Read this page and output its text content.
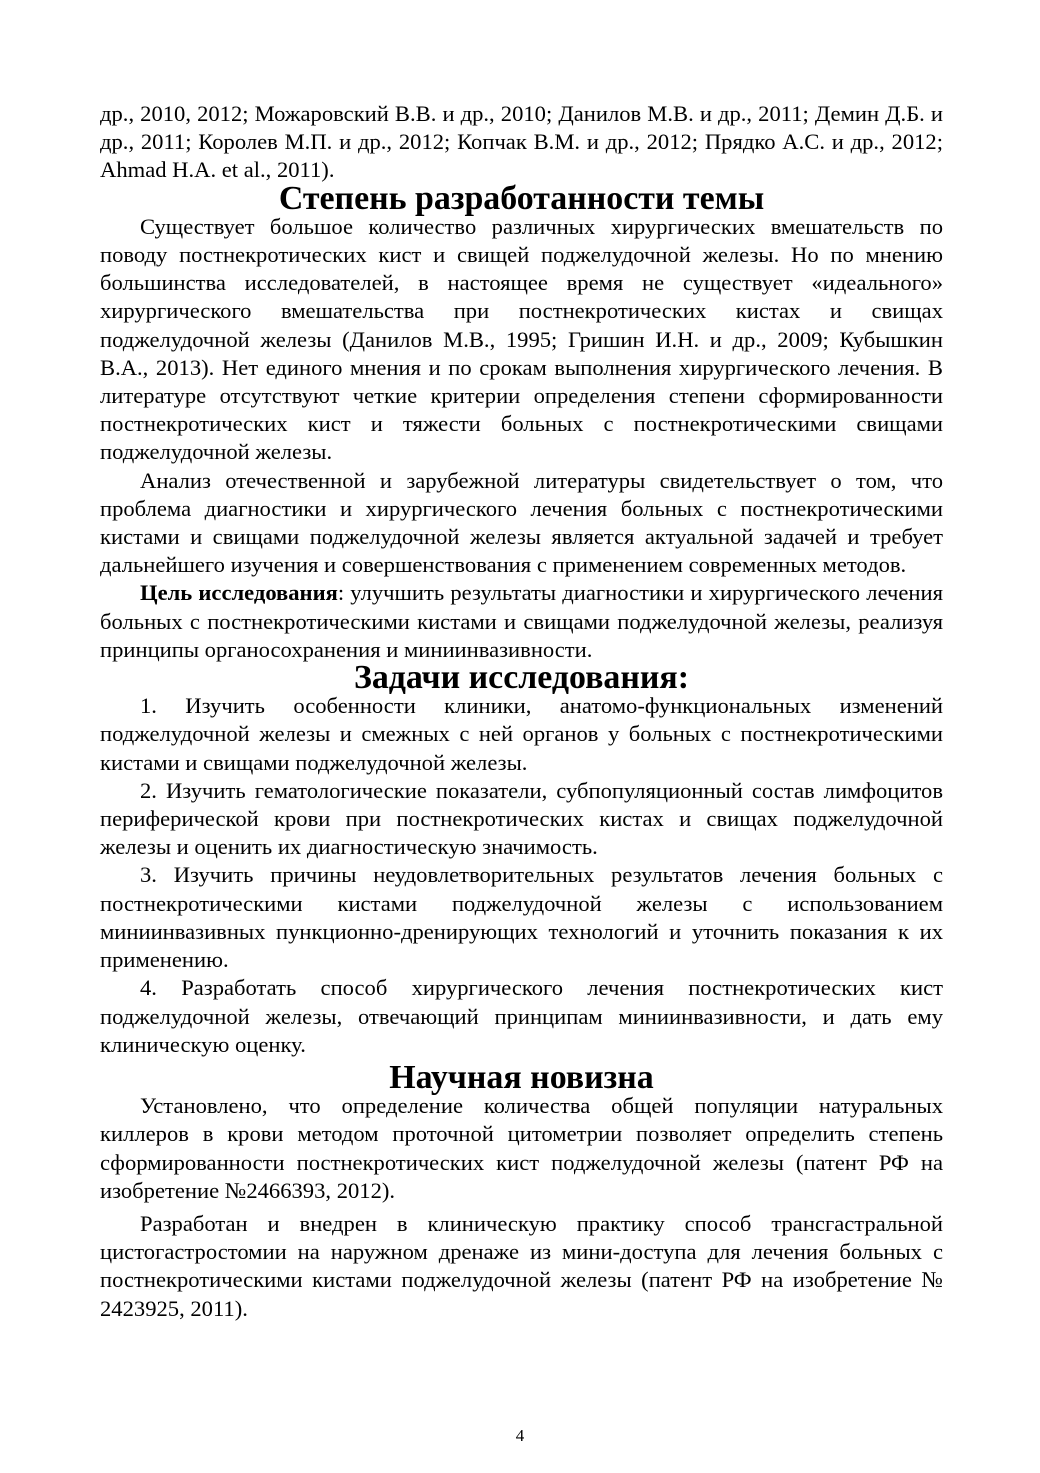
др., 2010, 2012; Можаровский В.В. и др., 2010; Данилов М.В. и др., 2011; Демин Д.Б. и др., 2011; Королев М.П. и др., 2012; Копчак В.М. и др., 2012; Прядко А.С. и др., 2012; Ahmad H.A. et al., 2011).

Степень разработанности темы

Существует большое количество различных хирургических вмешательств по поводу постнекротических кист и свищей поджелудочной железы. Но по мнению большинства исследователей, в настоящее время не существует «идеального» хирургического вмешательства при постнекротических кистах и свищах поджелудочной железы (Данилов М.В., 1995; Гришин И.Н. и др., 2009; Кубышкин В.А., 2013). Нет единого мнения и по срокам выполнения хирургического лечения. В литературе отсутствуют четкие критерии определения степени сформированности постнекротических кист и тяжести больных с постнекротическими свищами поджелудочной железы.

Анализ отечественной и зарубежной литературы свидетельствует о том, что проблема диагностики и хирургического лечения больных с постнекротическими кистами и свищами поджелудочной железы является актуальной задачей и требует дальнейшего изучения и совершенствования с применением современных методов.

Цель исследования: улучшить результаты диагностики и хирургического лечения больных с постнекротическими кистами и свищами поджелудочной железы, реализуя принципы органосохранения и миниинвазивности.

Задачи исследования:

1. Изучить особенности клиники, анатомо-функциональных изменений поджелудочной железы и смежных с ней органов у больных с постнекротическими кистами и свищами поджелудочной железы.

2. Изучить гематологические показатели, субпопуляционный состав лимфоцитов периферической крови при постнекротических кистах и свищах поджелудочной железы и оценить их диагностическую значимость.

3. Изучить причины неудовлетворительных результатов лечения больных с постнекротическими кистами поджелудочной железы с использованием миниинвазивных пункционно-дренирующих технологий и уточнить показания к их применению.

4. Разработать способ хирургического лечения постнекротических кист поджелудочной железы, отвечающий принципам миниинвазивности, и дать ему клиническую оценку.

Научная новизна

Установлено, что определение количества общей популяции натуральных киллеров в крови методом проточной цитометрии позволяет определить степень сформированности постнекротических кист поджелудочной железы (патент РФ на изобретение №2466393, 2012).

Разработан и внедрен в клиническую практику способ трансгастральной цистогастростомии на наружном дренаже из мини-доступа для лечения больных с постнекротическими кистами поджелудочной железы (патент РФ на изобретение № 2423925, 2011).

4
